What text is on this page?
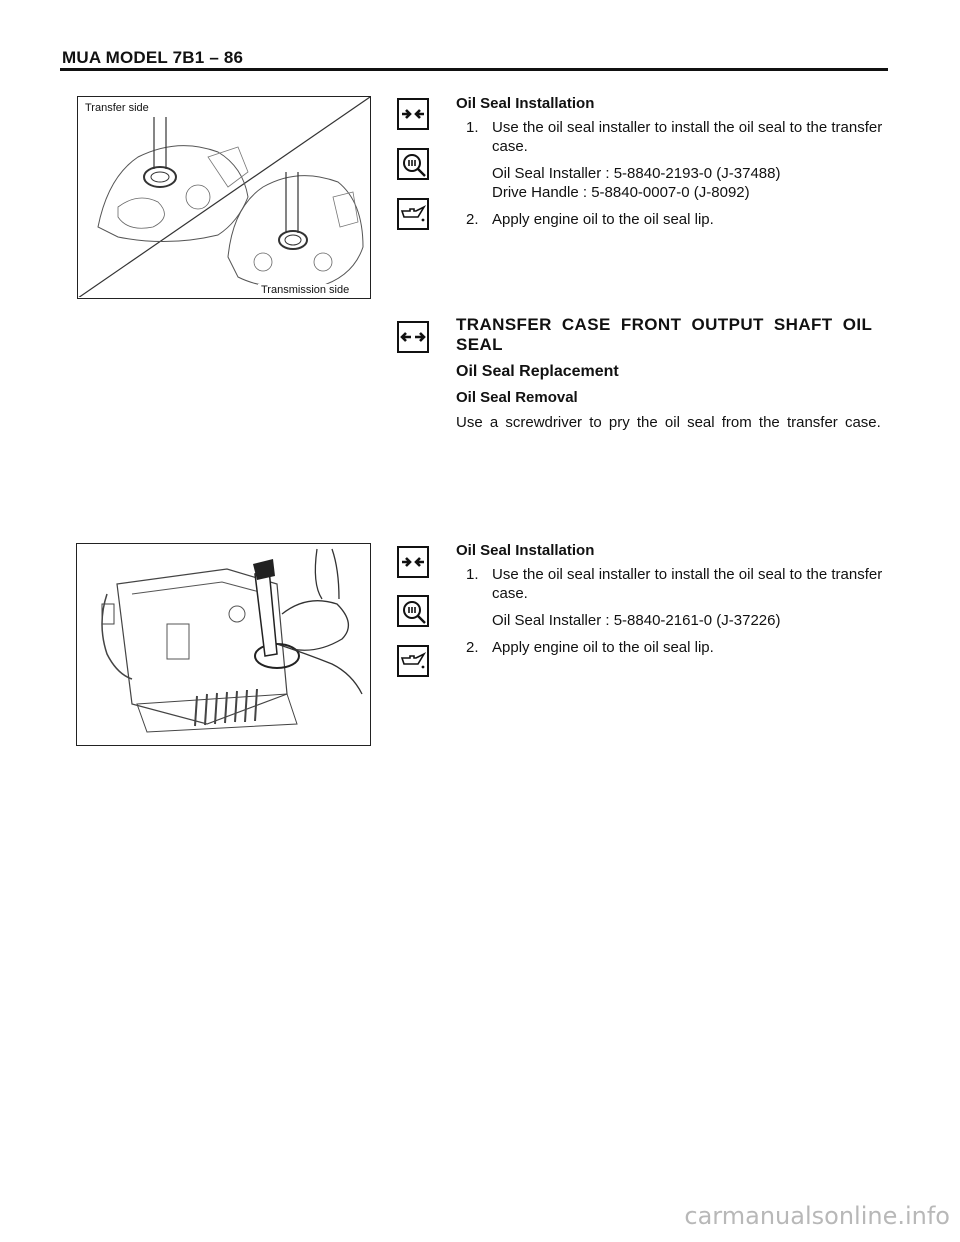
MUA MODEL 7B1 – 86
Transfer side
Transmission side

Oil Seal Installation

1. Use the oil seal installer to install the oil seal to the transfer case.

Oil Seal Installer : 5-8840-2193-0 (J-37488)

Drive Handle : 5-8840-0007-0 (J-8092)

2. Apply engine oil to the oil seal lip.

TRANSFER CASE FRONT OUTPUT SHAFT OIL SEAL

Oil Seal Replacement

Oil Seal Removal

Use a screwdriver to pry the oil seal from the transfer case.

Oil Seal Installation

1. Use the oil seal installer to install the oil seal to the transfer case.

Oil Seal Installer : 5-8840-2161-0 (J-37226)

2. Apply engine oil to the oil seal lip.
carmanualsonline.info
